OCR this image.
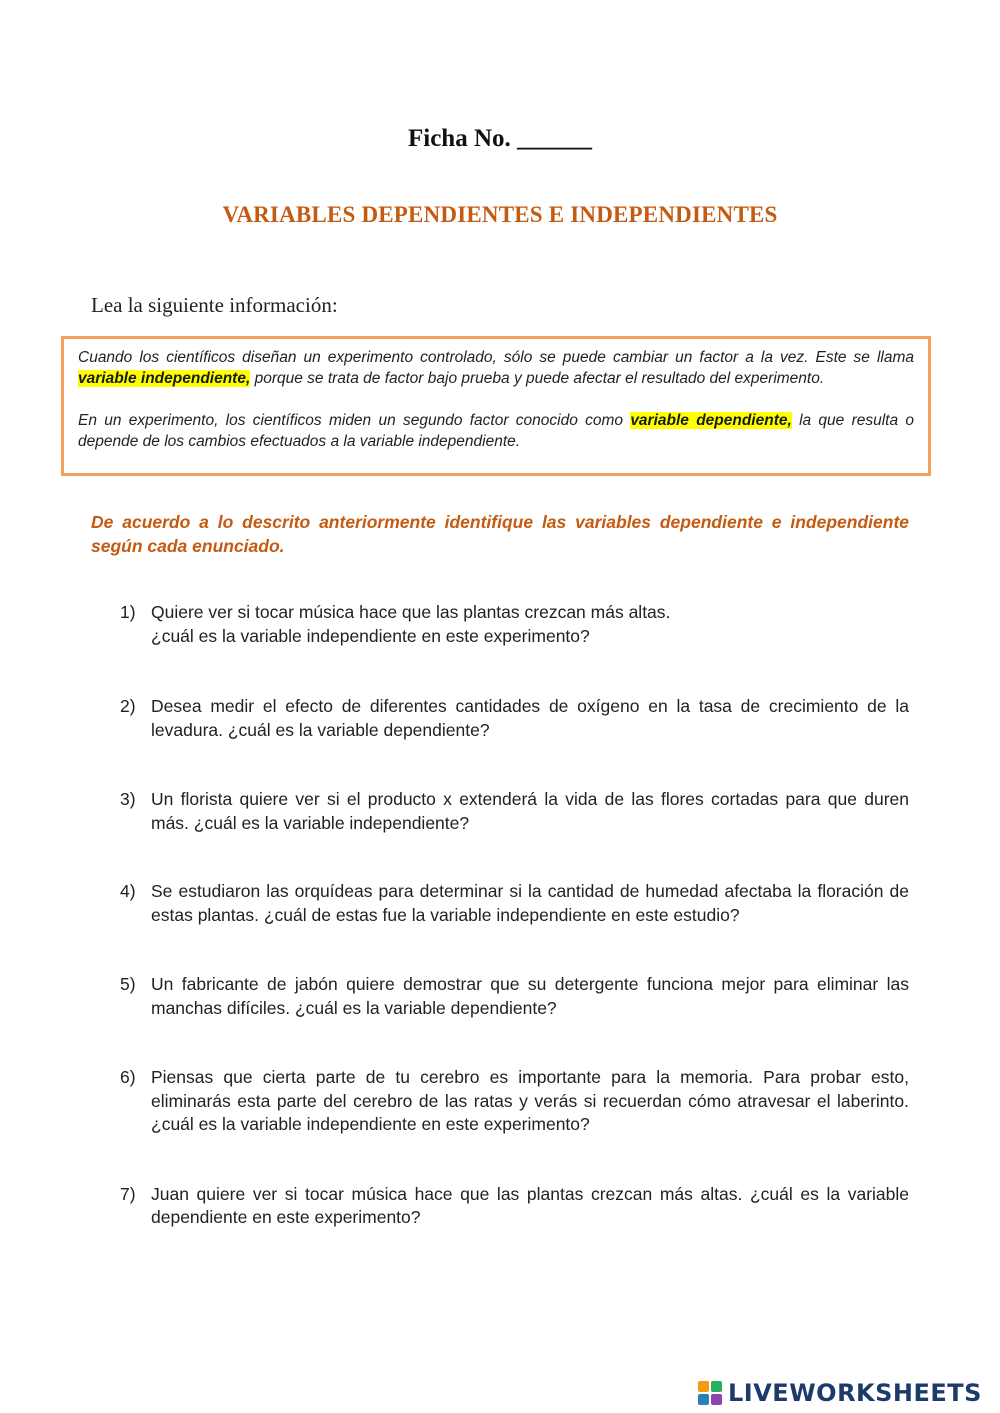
Ficha No. ______
VARIABLES DEPENDIENTES E INDEPENDIENTES
Lea la siguiente información:

Cuando los científicos diseñan un experimento controlado, sólo se puede cambiar un factor a la vez. Este se llama variable independiente, porque se trata de factor bajo prueba y puede afectar el resultado del experimento.

En un experimento, los científicos miden un segundo factor conocido como variable dependiente, la que resulta o depende de los cambios efectuados a la variable independiente.

De acuerdo a lo descrito anteriormente identifique las variables dependiente e independiente según cada enunciado.
1) Quiere ver si tocar música hace que las plantas crezcan más altas.
¿cuál es la variable independiente en este experimento?
2) Desea medir el efecto de diferentes cantidades de oxígeno en la tasa de crecimiento de la levadura. ¿cuál es la variable dependiente?
3) Un florista quiere ver si el producto x extenderá la vida de las flores cortadas para que duren más. ¿cuál es la variable independiente?
4) Se estudiaron las orquídeas para determinar si la cantidad de humedad afectaba la floración de estas plantas. ¿cuál de estas fue la variable independiente en este estudio?
5) Un fabricante de jabón quiere demostrar que su detergente funciona mejor para eliminar las manchas difíciles. ¿cuál es la variable dependiente?
6) Piensas que cierta parte de tu cerebro es importante para la memoria. Para probar esto, eliminarás esta parte del cerebro de las ratas y verás si recuerdan cómo atravesar el laberinto. ¿cuál es la variable independiente en este experimento?
7) Juan quiere ver si tocar música hace que las plantas crezcan más altas. ¿cuál es la variable dependiente en este experimento?
LIVEWORKSHEETS
